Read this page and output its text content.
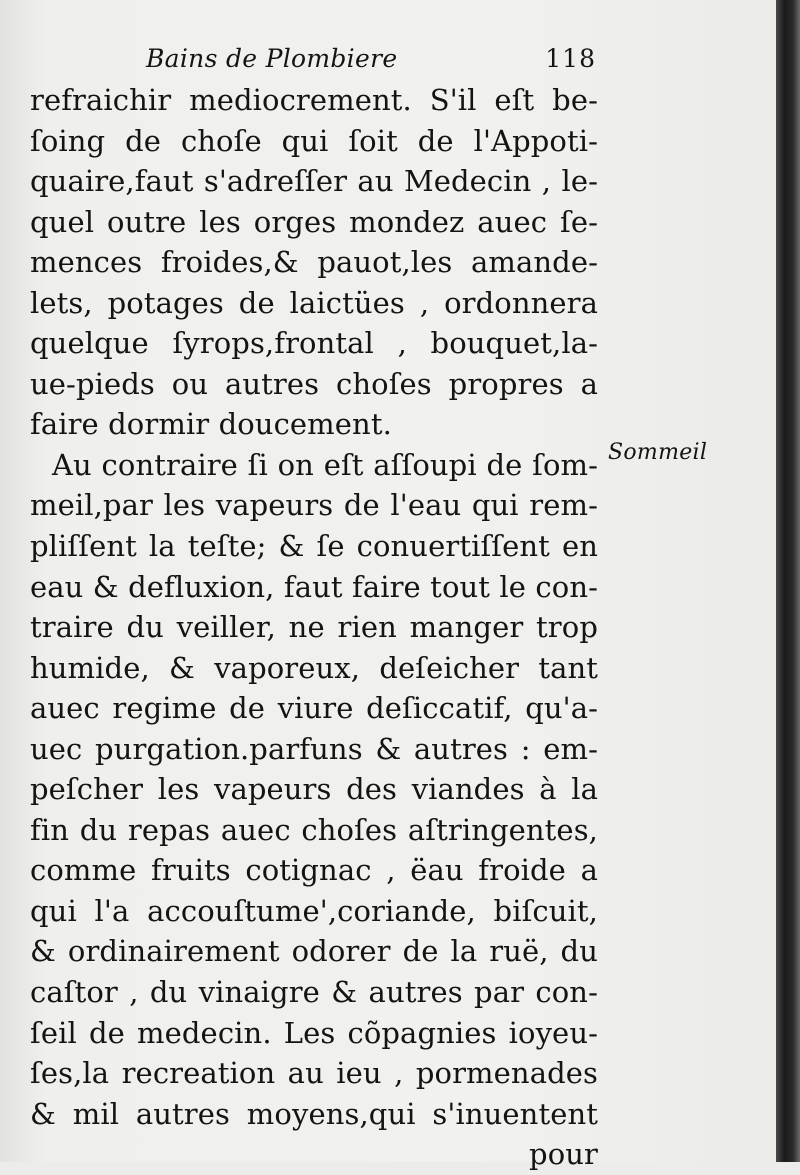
Bains de Plombiere	118
refraichir mediocrement. S'il eſt be-
ſoing de choſe qui ſoit de l'Appoti-
quaire,faut s'adreſſer au Medecin , le-
quel outre les orges mondez auec ſe-
mences froides,& pauot,les amande-
lets, potages de laictües , ordonnera
quelque ſyrops,frontal , bouquet,la-
ue-pieds ou autres choſes propres a
faire dormir doucement.
Au contraire ſi on eſt aſſoupi de ſom-
meil,par les vapeurs de l'eau qui rem-
pliſſent la teſte; & ſe conuertiſſent en
eau & defluxion, faut faire tout le con-
traire du veiller, ne rien manger trop
humide, & vaporeux, deſeicher tant
auec regime de viure deſiccatif, qu'a-
uec purgation.parfuns & autres : em-
peſcher les vapeurs des viandes à la
fin du repas auec choſes aſtringentes,
comme fruits cotignac , ëau froide a
qui l'a accouſtume',coriande, biſcuit,
& ordinairement odorer de la ruë, du
caſtor , du vinaigre & autres par con-
ſeil de medecin. Les cõpagnies ioyeu-
ſes,la recreation au ieu , pormenades
& mil autres moyens,qui s'inuentent
pour
Sommeil
